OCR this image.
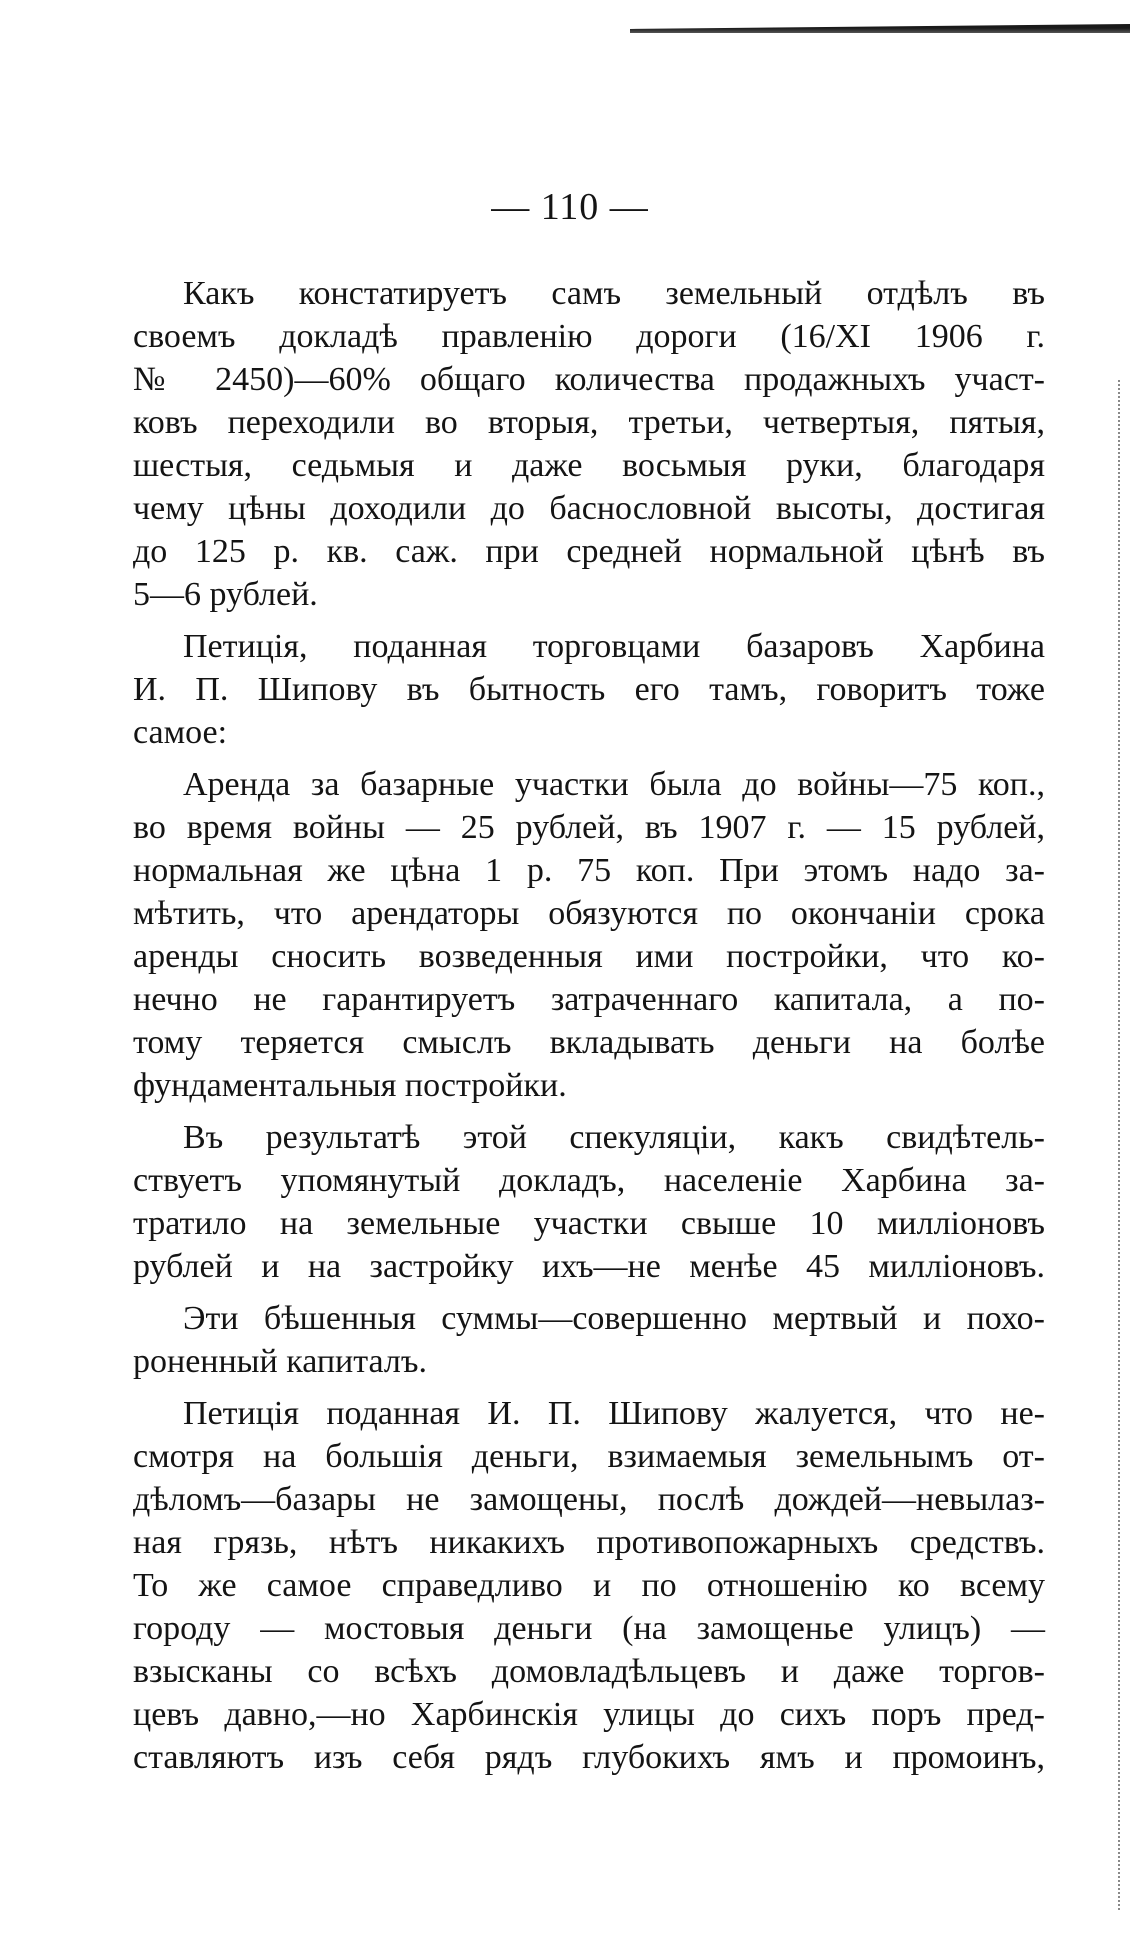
— 110 —
Какъ констатируетъ самъ земельный отдѣлъ въ
своемъ докладѣ правленію дороги (16/XI 1906 г.
№ 2450)—60% общаго количества продажныхъ участ-
ковъ переходили во вторыя, третьи, четвертыя, пятыя,
шестыя, седьмыя и даже восьмыя руки, благодаря
чему цѣны доходили до баснословной высоты, достигая
до 125 р. кв. саж. при средней нормальной цѣнѣ въ
5—6 рублей.
Петиція, поданная торговцами базаровъ Харбина
И. П. Шипову въ бытность его тамъ, говоритъ тоже
самое:
Аренда за базарные участки была до войны—75 коп.,
во время войны — 25 рублей, въ 1907 г. — 15 рублей,
нормальная же цѣна 1 р. 75 коп. При этомъ надо за-
мѣтить, что арендаторы обязуются по окончаніи срока
аренды сносить возведенныя ими постройки, что ко-
нечно не гарантируетъ затраченнаго капитала, а по-
тому теряется смыслъ вкладывать деньги на болѣе
фундаментальныя постройки.
Въ результатѣ этой спекуляціи, какъ свидѣтель-
ствуетъ упомянутый докладъ, населеніе Харбина за-
тратило на земельные участки свыше 10 милліоновъ
рублей и на застройку ихъ—не менѣе 45 милліоновъ.
Эти бѣшенныя суммы—совершенно мертвый и похо-
роненный капиталъ.
Петиція поданная И. П. Шипову жалуется, что не-
смотря на большія деньги, взимаемыя земельнымъ от-
дѣломъ—базары не замощены, послѣ дождей—невылаз-
ная грязь, нѣтъ никакихъ противопожарныхъ средствъ.
То же самое справедливо и по отношенію ко всему
городу — мостовыя деньги (на замощенье улицъ) —
взысканы со всѣхъ домовладѣльцевъ и даже торгов-
цевъ давно,—но Харбинскія улицы до сихъ поръ пред-
ставляютъ изъ себя рядъ глубокихъ ямъ и промоинъ,
